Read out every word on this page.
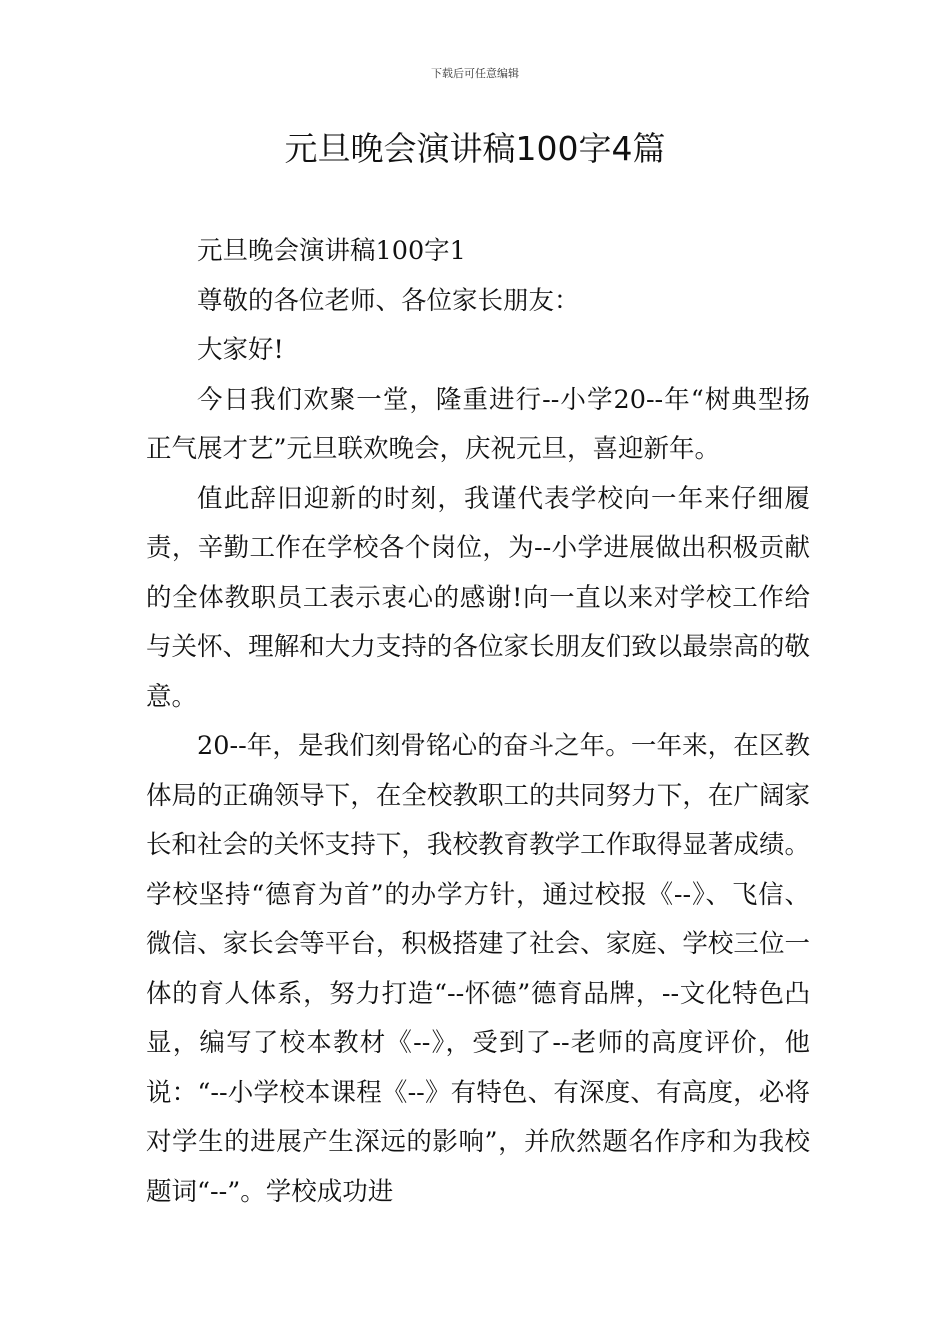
下载后可任意编辑
元旦晚会演讲稿100字4篇

元旦晚会演讲稿100字1

尊敬的各位老师、各位家长朋友：

大家好!

今日我们欢聚一堂，隆重进行--小学20--年“树典型扬正气展才艺”元旦联欢晚会，庆祝元旦，喜迎新年。

值此辞旧迎新的时刻，我谨代表学校向一年来仔细履责，辛勤工作在学校各个岗位，为--小学进展做出积极贡献的全体教职员工表示衷心的感谢!向一直以来对学校工作给与关怀、理解和大力支持的各位家长朋友们致以最崇高的敬意。

20--年，是我们刻骨铭心的奋斗之年。一年来，在区教体局的正确领导下，在全校教职工的共同努力下，在广阔家长和社会的关怀支持下，我校教育教学工作取得显著成绩。学校坚持“德育为首”的办学方针，通过校报《--》、飞信、微信、家长会等平台，积极搭建了社会、家庭、学校三位一体的育人体系，努力打造“--怀德”德育品牌，--文化特色凸显，编写了校本教材《--》，受到了--老师的高度评价，他说：“--小学校本课程《--》有特色、有深度、有高度，必将对学生的进展产生深远的影响”，并欣然题名作序和为我校题词“--”。学校成功进
